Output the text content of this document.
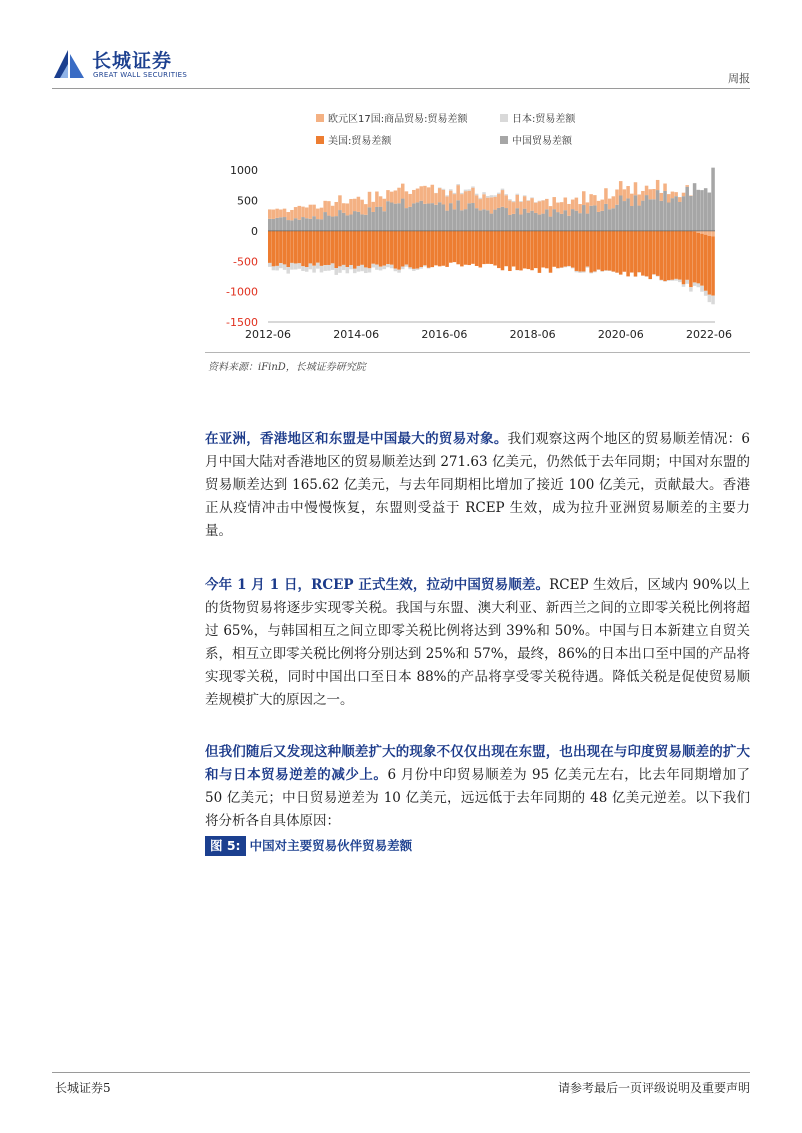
长城证券
GREAT WALL SECURITIES	周报
欧元区17国:商品贸易:贸易差额	日本:贸易差额
美国:贸易差额	中国贸易差额
1000
500
0
-500
-1000
-1500
2012-06	2014-06	2016-06	2018-06	2020-06	2022-06
资料来源：iFinD，长城证券研究院
在亚洲，香港地区和东盟是中国最大的贸易对象。我们观察这两个地区的贸易顺差情况：6 月中国大陆对香港地区的贸易顺差达到 271.63 亿美元，仍然低于去年同期；中国对东盟的贸易顺差达到 165.62 亿美元，与去年同期相比增加了接近 100 亿美元，贡献最大。香港正从疫情冲击中慢慢恢复，东盟则受益于 RCEP 生效，成为拉升亚洲贸易顺差的主要力量。
今年 1 月 1 日，RCEP 正式生效，拉动中国贸易顺差。RCEP 生效后，区域内 90%以上的货物贸易将逐步实现零关税。我国与东盟、澳大利亚、新西兰之间的立即零关税比例将超过 65%，与韩国相互之间立即零关税比例将达到 39%和 50%。中国与日本新建立自贸关系，相互立即零关税比例将分别达到 25%和 57%，最终，86%的日本出口至中国的产品将实现零关税，同时中国出口至日本 88%的产品将享受零关税待遇。降低关税是促使贸易顺差规模扩大的原因之一。
但我们随后又发现这种顺差扩大的现象不仅仅出现在东盟，也出现在与印度贸易顺差的扩大和与日本贸易逆差的减少上。6 月份中印贸易顺差为 95 亿美元左右，比去年同期增加了 50 亿美元；中日贸易逆差为 10 亿美元，远远低于去年同期的 48 亿美元逆差。以下我们将分析各自具体原因：
图 5: 中国对主要贸易伙伴贸易差额
长城证券5	请参考最后一页评级说明及重要声明
